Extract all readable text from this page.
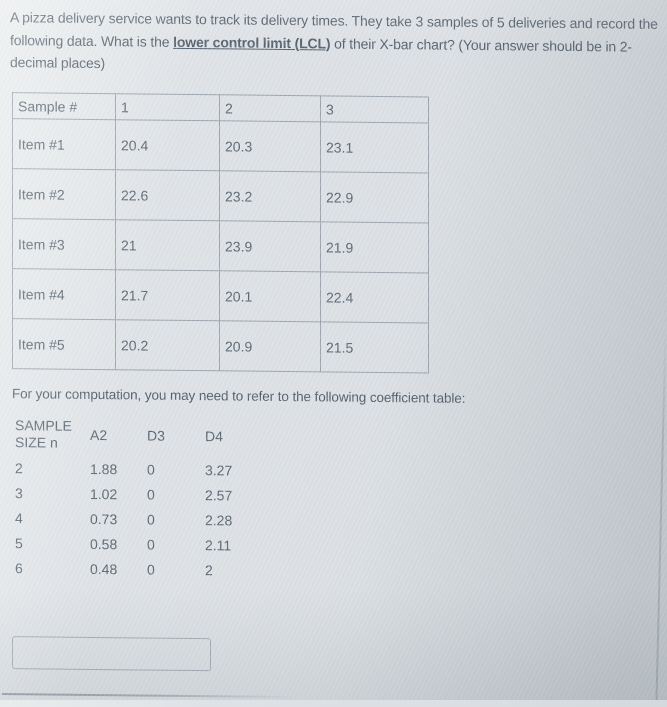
A pizza delivery service wants to track its delivery times. They take 3 samples of 5 deliveries and record the following data. What is the lower control limit (LCL) of their X-bar chart? (Your answer should be in 2-decimal places)

Sample #	1	2	3
Item #1	20.4	20.3	23.1
Item #2	22.6	23.2	22.9
Item #3	21	23.9	21.9
Item #4	21.7	20.1	22.4
Item #5	20.2	20.9	21.5

For your computation, you may need to refer to the following coefficient table:

SAMPLE SIZE n	A2	D3	D4
2	1.88	0	3.27
3	1.02	0	2.57
4	0.73	0	2.28
5	0.58	0	2.11
6	0.48	0	2
